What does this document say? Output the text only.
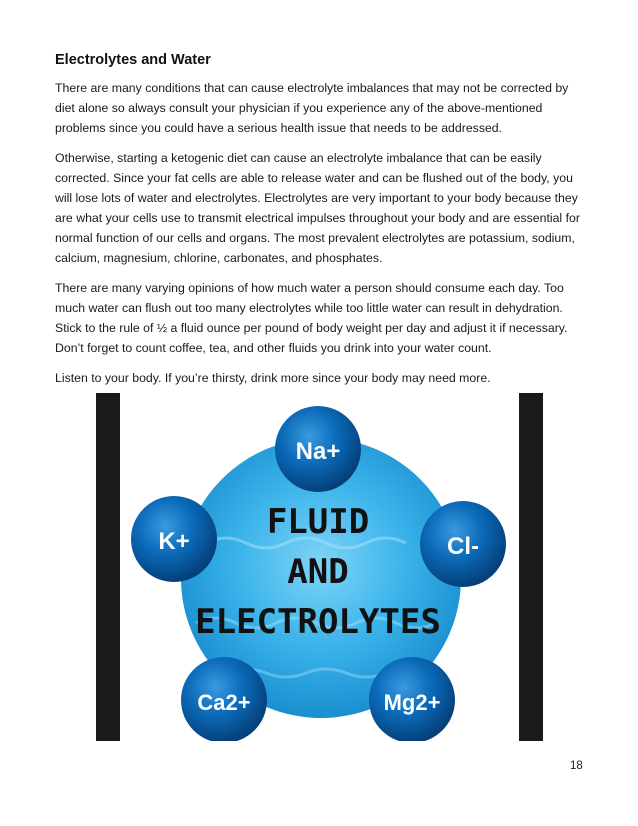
Electrolytes and Water

There are many conditions that can cause electrolyte imbalances that may not be corrected by diet alone so always consult your physician if you experience any of the above-mentioned problems since you could have a serious health issue that needs to be addressed.

Otherwise, starting a ketogenic diet can cause an electrolyte imbalance that can be easily corrected. Since your fat cells are able to release water and can be flushed out of the body, you will lose lots of water and electrolytes. Electrolytes are very important to your body because they are what your cells use to transmit electrical impulses throughout your body and are essential for normal function of our cells and organs. The most prevalent electrolytes are potassium, sodium, calcium, magnesium, chlorine, carbonates, and phosphates.

There are many varying opinions of how much water a person should consume each day. Too much water can flush out too many electrolytes while too little water can result in dehydration. Stick to the rule of ½ a fluid ounce per pound of body weight per day and adjust it if necessary. Don’t forget to count coffee, tea, and other fluids you drink into your water count.

Listen to your body. If you’re thirsty, drink more since your body may need more.

FLUID
AND
ELECTROLYTES
Na+
K+	Cl-
Ca2+	Mg2+
18
